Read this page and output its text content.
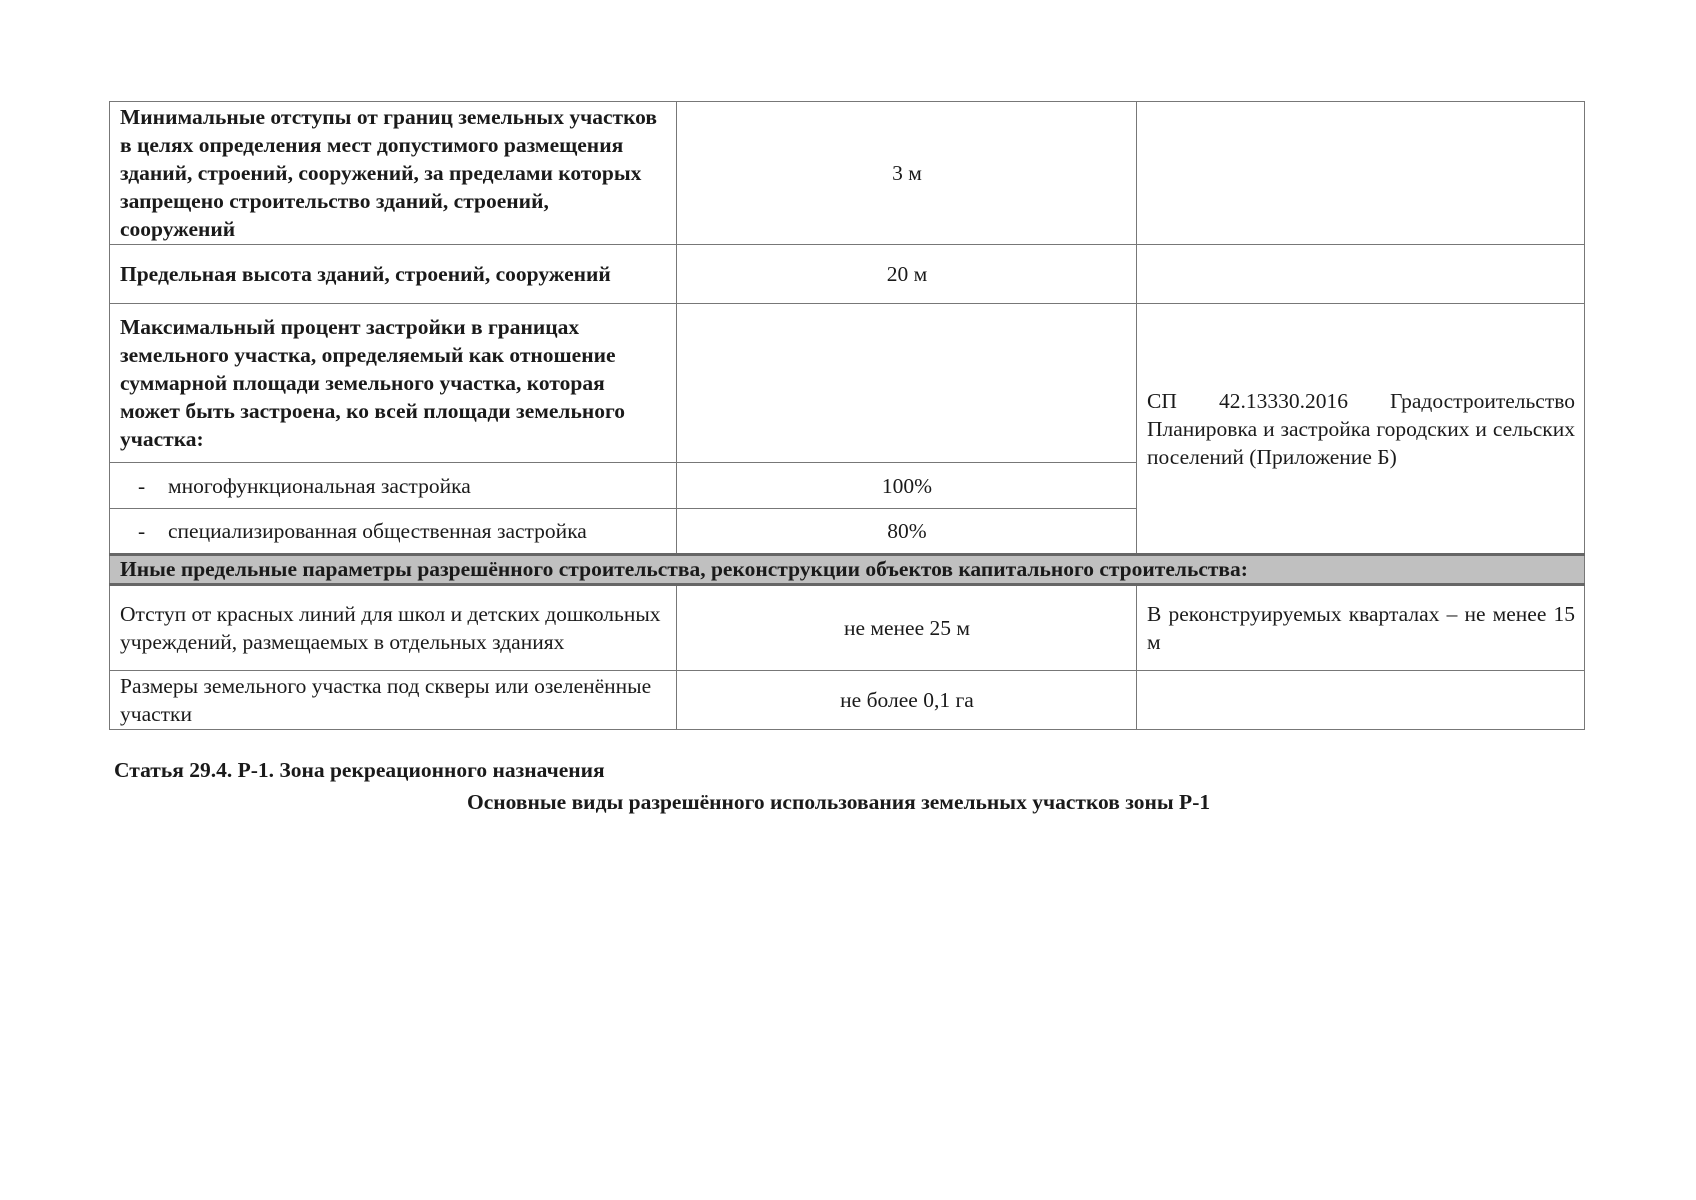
Минимальные отступы от границ земельных участков в целях определения мест допустимого размещения зданий, строений, сооружений, за пределами которых запрещено строительство зданий, строений, сооружений	3 м	
Предельная высота зданий, строений, сооружений	20 м	
Максимальный процент застройки в границах земельного участка, определяемый как отношение суммарной площади земельного участка, которая может быть застроена, ко всей площади земельного участка:		СП 42.13330.2016 Градостроительство Планировка и застройка городских и сельских поселений (Приложение Б)
- многофункциональная застройка	100%	
- специализированная общественная застройка	80%	
Иные предельные параметры разрешённого строительства, реконструкции объектов капитального строительства:		
Отступ от красных линий для школ и детских дошкольных учреждений, размещаемых в отдельных зданиях	не менее 25 м	В реконструируемых кварталах – не менее 15 м
Размеры земельного участка под скверы или озеленённые участки	не более 0,1 га	

Статья 29.4. Р-1. Зона рекреационного назначения

Основные виды разрешённого использования земельных участков зоны Р-1
